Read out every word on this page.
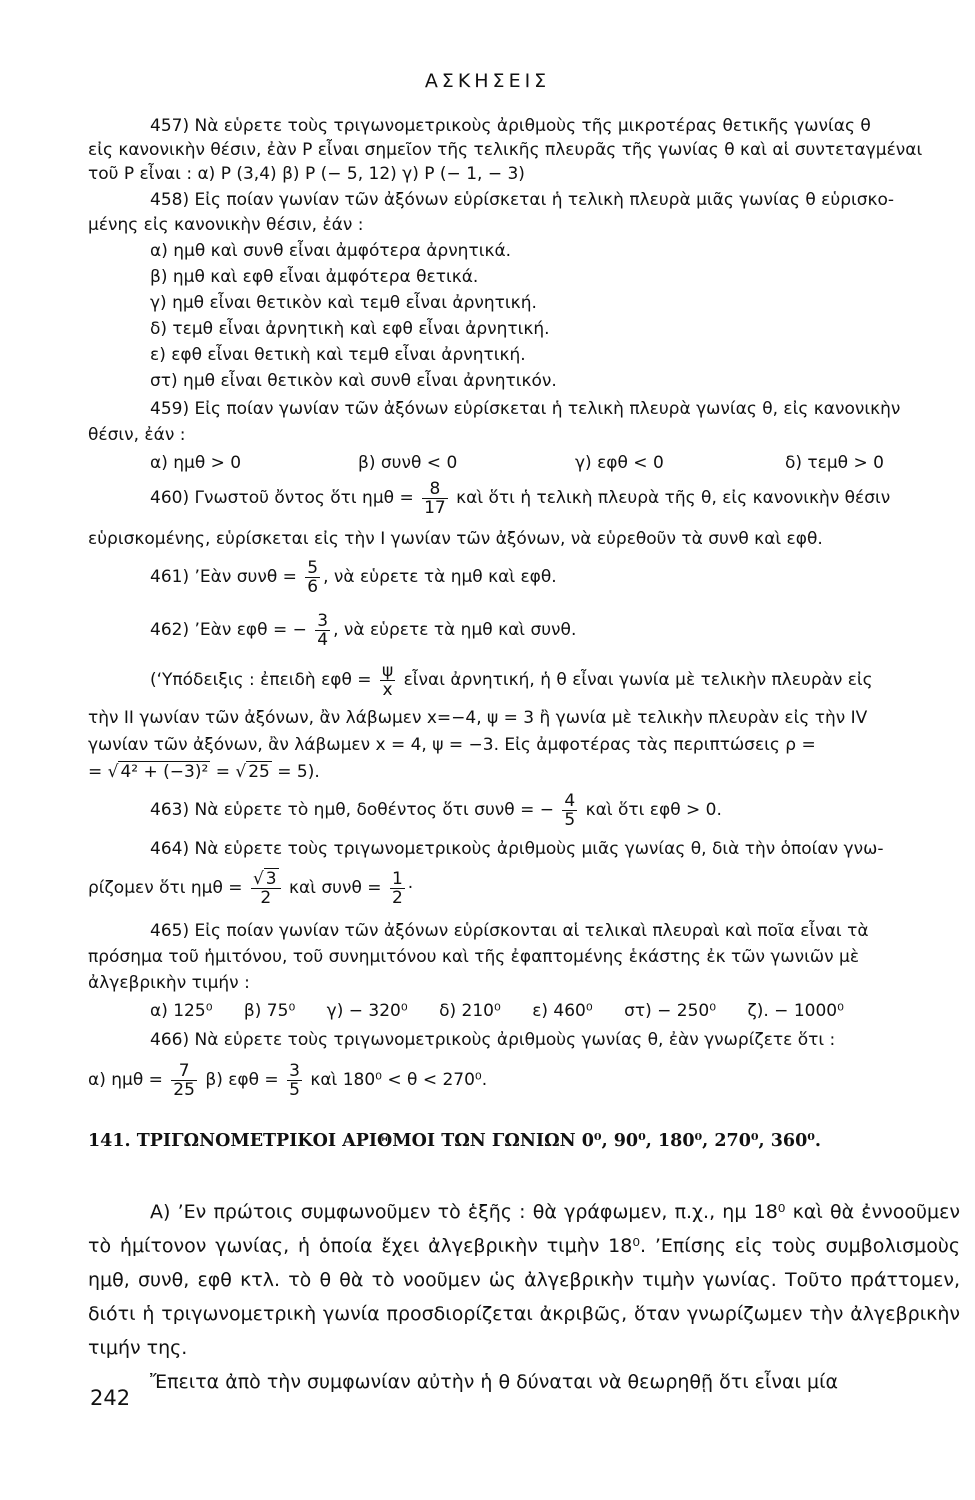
ΑΣΚΗΣΕΙΣ
457) Νὰ εὑρετε τοὺς τριγωνομετρικοὺς ἀριθμοὺς τῆς μικροτέρας θετικῆς γωνίας θ
εἰς κανονικὴν θέσιν, ἐὰν Ρ εἶναι σημεῖον τῆς τελικῆς πλευρᾶς τῆς γωνίας θ καὶ αἱ συντεταγμέναι
τοῦ Ρ εἶναι : α) Ρ (3,4) β) Ρ (− 5, 12) γ) Ρ (− 1, − 3)
458) Εἰς ποίαν γωνίαν τῶν ἀξόνων εὑρίσκεται ἡ τελικὴ πλευρὰ μιᾶς γωνίας θ εὑρισκο-
μένης εἰς κανονικὴν θέσιν, ἐάν :
α) ημθ καὶ συνθ εἶναι ἀμφότερα ἀρνητικά.
β) ημθ καὶ εφθ εἶναι ἀμφότερα θετικά.
γ) ημθ εἶναι θετικὸν καὶ τεμθ εἶναι ἀρνητική.
δ) τεμθ εἶναι ἀρνητικὴ καὶ εφθ εἶναι ἀρνητική.
ε) εφθ εἶναι θετικὴ καὶ τεμθ εἶναι ἀρνητική.
στ) ημθ εἶναι θετικὸν καὶ συνθ εἶναι ἀρνητικόν.
459) Εἰς ποίαν γωνίαν τῶν ἀξόνων εὑρίσκεται ἡ τελικὴ πλευρὰ γωνίας θ, εἰς κανονικὴν
θέσιν, ἐάν :
α) ημθ > 0	β) συνθ < 0	γ) εφθ < 0	δ) τεμθ > 0
460) Γνωστοῦ ὄντος ὅτι $\eta\mu\theta = \frac{8}{17}$ καὶ ὅτι ἡ τελικὴ πλευρὰ τῆς θ, εἰς κανονικὴν θέσιν
εὑρισκομένης, εὑρίσκεται εἰς τὴν Ι γωνίαν τῶν ἀξόνων, νὰ εὑρεθοῦν τὰ συνθ καὶ εφθ.
461) ’Εὰν $\sigma\upsilon\nu\theta = \frac{5}{6}$ , νὰ εὑρετε τὰ ημθ καὶ εφθ.
462) ’Εὰν εφθ = − $\frac{3}{4}$ , νὰ εὑρετε τὰ ημθ καὶ συνθ.
(‘Υπόδειξις : ἐπειδὴ $\varepsilon\varphi\theta = \frac{\psi}{x}$ εἶναι ἀρνητική, ἡ θ εἶναι γωνία μὲ τελικὴν πλευρὰν εἰς
τὴν ΙΙ γωνίαν τῶν ἀξόνων, ἂν λάβωμεν x=−4, ψ = 3 ἢ γωνία μὲ τελικὴν πλευρὰν εἰς τὴν ΙV
γωνίαν τῶν ἀξόνων, ἂν λάβωμεν x = 4, ψ = −3. Εἰς ἀμφοτέρας τὰς περιπτώσεις ρ =
= √ 4² + (−3)² = √ 25 = 5).
463) Νὰ εὑρετε τὸ ημθ, δοθέντος ὅτι συνθ = − $\frac{4}{5}$ καὶ ὅτι εφθ > 0.
464) Νὰ εὑρετε τοὺς τριγωνομετρικοὺς ἀριθμοὺς μιᾶς γωνίας θ, διὰ τὴν ὁποίαν γνω-
ρίζομεν ὅτι $\eta\mu\theta = \frac{√ 3}{2}$ καὶ $\sigma\upsilon\nu\theta = \frac{1}{2}$ ·
465) Εἰς ποίαν γωνίαν τῶν ἀξόνων εὑρίσκονται αἱ τελικαὶ πλευραὶ καὶ ποῖα εἶναι τὰ
πρόσημα τοῦ ἡμιτόνου, τοῦ συνημιτόνου καὶ τῆς ἐφαπτομένης ἑκάστης ἐκ τῶν γωνιῶν μὲ
ἀλγεβρικὴν τιμήν :
α) 125⁰ β) 75⁰ γ) − 320⁰ δ) 210⁰ ε) 460⁰ στ) − 250⁰ ζ). − 1000⁰
466) Νὰ εὑρετε τοὺς τριγωνομετρικοὺς ἀριθμοὺς γωνίας θ, ἐὰν γνωρίζετε ὅτι :
α) $\eta\mu\theta = \frac{7}{25} \beta$) $\varepsilon\varphi\theta = \frac{3}{5}$ καὶ 180⁰ < θ < 270⁰.
141. ΤΡΙΓΩΝΟΜΕΤΡΙΚΟΙ ΑΡΙΘΜΟΙ ΤΩΝ ΓΩΝΙΩΝ 0⁰, 90⁰, 180⁰, 270⁰, 360⁰.

Α) ’Εν πρώτοις συμφωνοῦμεν τὸ ἑξῆς : θὰ γράφωμεν, π.χ., ημ 18⁰ καὶ θὰ ἐννοοῦμεν τὸ ἡμίτονον γωνίας, ἡ ὁποία ἔχει ἀλγεβρικὴν τιμὴν 18⁰. ’Επίσης εἰς τοὺς συμβολισμοὺς ημθ, συνθ, εφθ κτλ. τὸ θ θὰ τὸ νοοῦμεν ὡς ἀλγεβρικὴν τιμὴν γωνίας. Τοῦτο πράττομεν, διότι ἡ τριγωνομετρικὴ γωνία προσδιορίζεται ἀκριβῶς, ὅταν γνωρίζωμεν τὴν ἀλγεβρικὴν τιμήν της.

Ἔπειτα ἀπὸ τὴν συμφωνίαν αὐτὴν ἡ θ δύναται νὰ θεωρηθῇ ὅτι εἶναι μία

242
